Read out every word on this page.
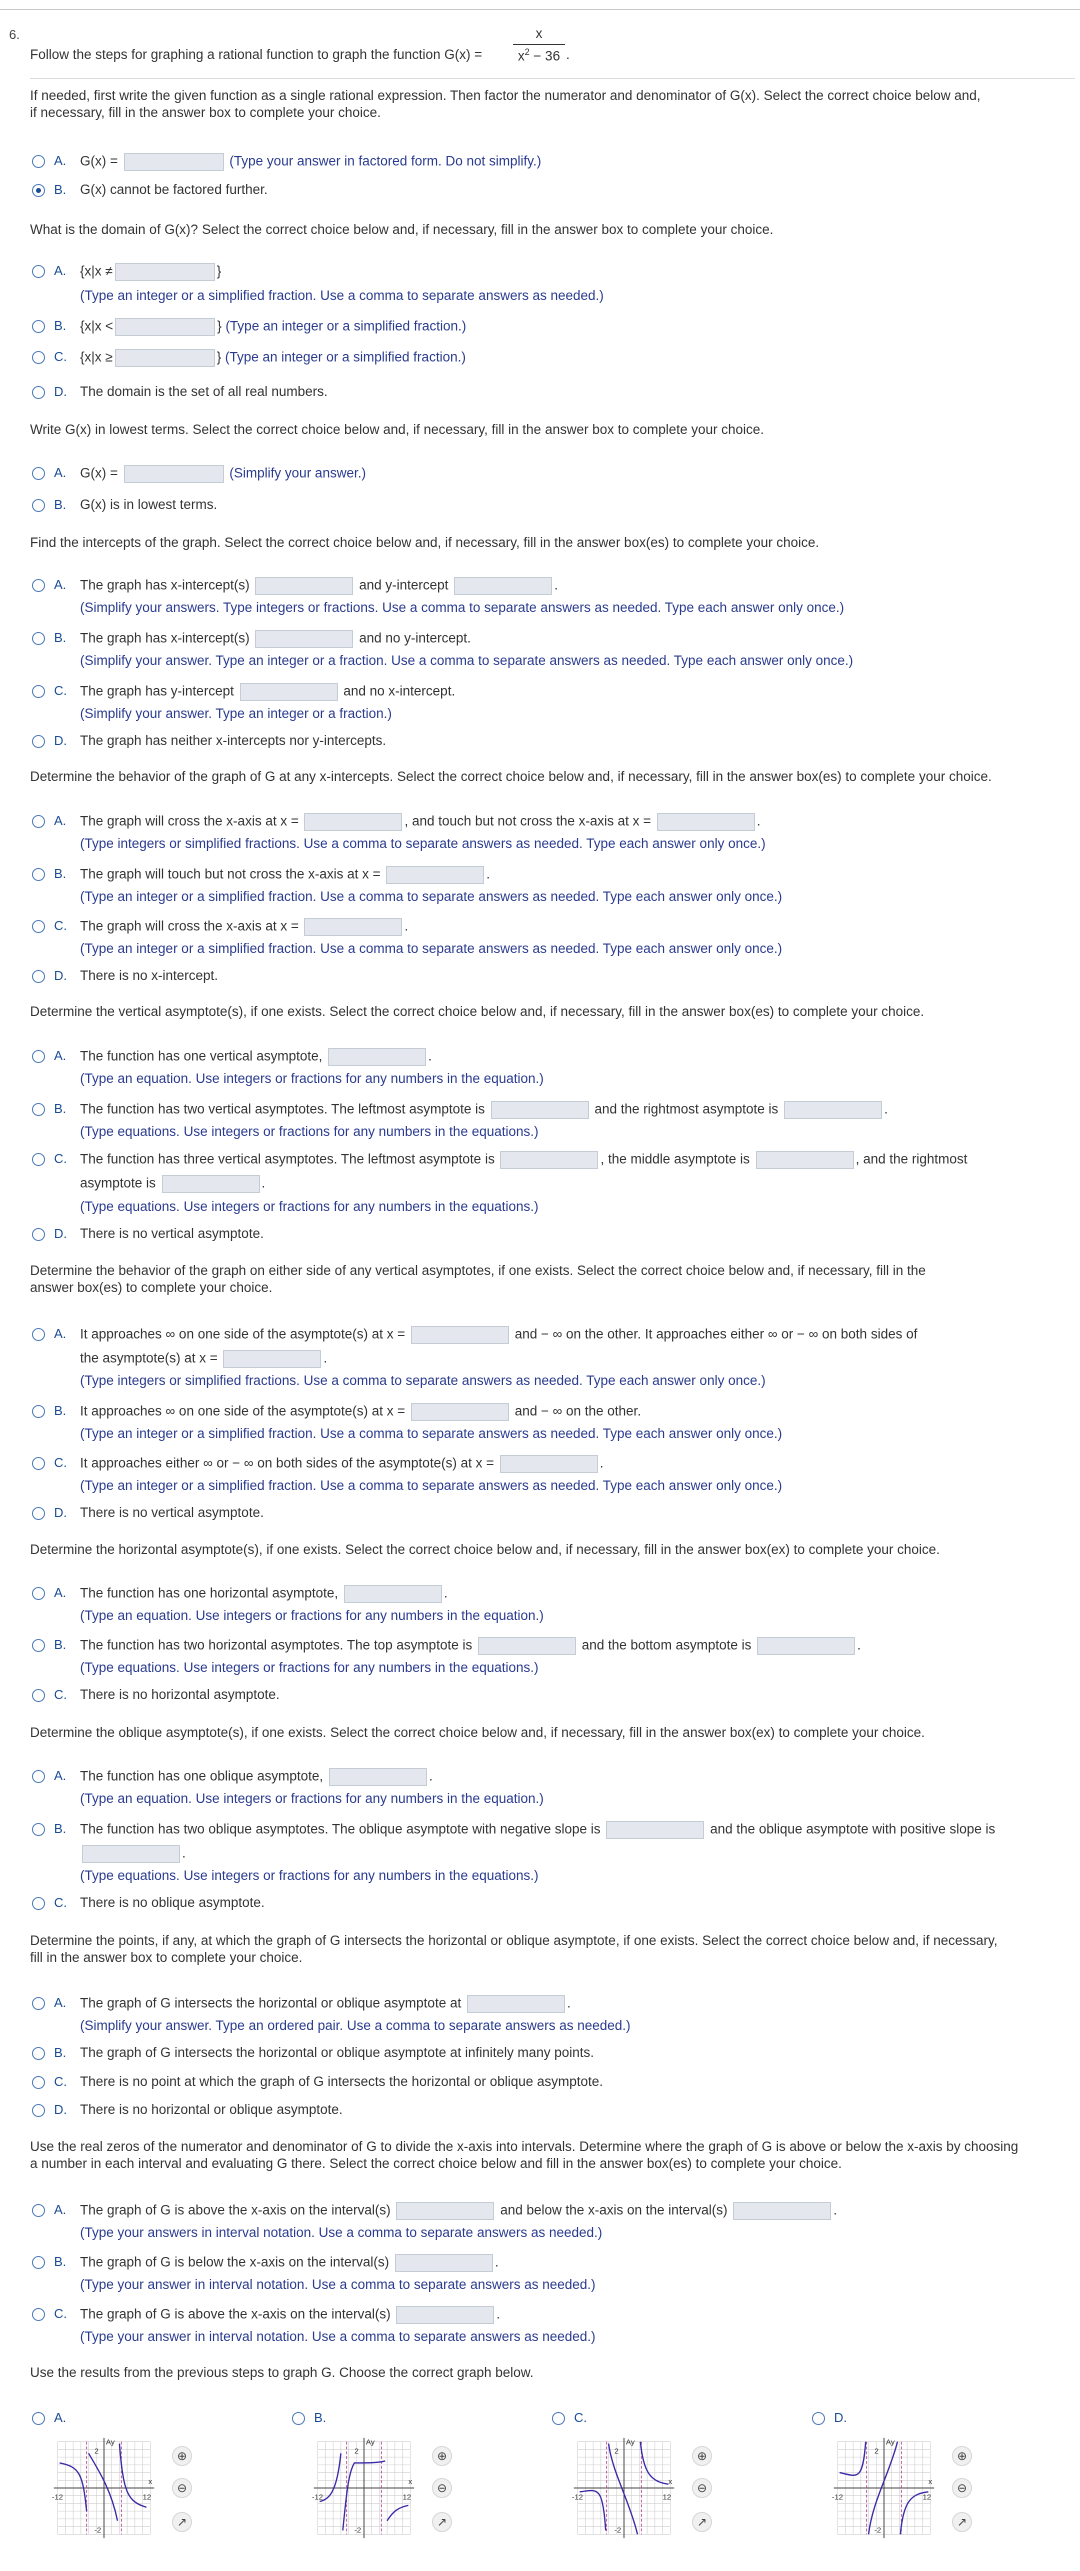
6.
Follow the steps for graphing a rational function to graph the function G(x) =
x
$x^2 - 36$ .
If needed, first write the given function as a single rational expression. Then factor the numerator and denominator of G(x). Select the correct choice below and,
if necessary, fill in the answer box to complete your choice.
A. G(x) =	(Type your answer in factored form. Do not simplify.)
B. G(x) cannot be factored further.
What is the domain of G(x)? Select the correct choice below and, if necessary, fill in the answer box to complete your choice.
A. {x|x ≠	}
(Type an integer or a simplified fraction. Use a comma to separate answers as needed.)
B. {x|x <	} (Type an integer or a simplified fraction.)
C. {x|x ≥	} (Type an integer or a simplified fraction.)
D. The domain is the set of all real numbers.
Write G(x) in lowest terms. Select the correct choice below and, if necessary, fill in the answer box to complete your choice.
A. G(x) =	(Simplify your answer.)
B. G(x) is in lowest terms.
Find the intercepts of the graph. Select the correct choice below and, if necessary, fill in the answer box(es) to complete your choice.
A. The graph has x-intercept(s)	and y-intercept	.
(Simplify your answers. Type integers or fractions. Use a comma to separate answers as needed. Type each answer only once.)
B. The graph has x-intercept(s)	and no y-intercept.
(Simplify your answer. Type an integer or a fraction. Use a comma to separate answers as needed. Type each answer only once.)
C. The graph has y-intercept	and no x-intercept.
(Simplify your answer. Type an integer or a fraction.)
D. The graph has neither x-intercepts nor y-intercepts.
Determine the behavior of the graph of G at any x-intercepts. Select the correct choice below and, if necessary, fill in the answer box(es) to complete your choice.
A. The graph will cross the x-axis at x =	, and touch but not cross the x-axis at x =	.
(Type integers or simplified fractions. Use a comma to separate answers as needed. Type each answer only once.)
B. The graph will touch but not cross the x-axis at x =	.
(Type an integer or a simplified fraction. Use a comma to separate answers as needed. Type each answer only once.)
C. The graph will cross the x-axis at x =	.
(Type an integer or a simplified fraction. Use a comma to separate answers as needed. Type each answer only once.)
D. There is no x-intercept.
Determine the vertical asymptote(s), if one exists. Select the correct choice below and, if necessary, fill in the answer box(es) to complete your choice.
A. The function has one vertical asymptote,	.
(Type an equation. Use integers or fractions for any numbers in the equation.)
B. The function has two vertical asymptotes. The leftmost asymptote is	and the rightmost asymptote is	.
(Type equations. Use integers or fractions for any numbers in the equations.)
C. The function has three vertical asymptotes. The leftmost asymptote is	, the middle asymptote is	, and the rightmost
asymptote is	.
(Type equations. Use integers or fractions for any numbers in the equations.)
D. There is no vertical asymptote.
Determine the behavior of the graph on either side of any vertical asymptotes, if one exists. Select the correct choice below and, if necessary, fill in the
answer box(es) to complete your choice.
A. It approaches ∞ on one side of the asymptote(s) at x =	and − ∞ on the other. It approaches either ∞ or − ∞ on both sides of
the asymptote(s) at x =	.
(Type integers or simplified fractions. Use a comma to separate answers as needed. Type each answer only once.)
B. It approaches ∞ on one side of the asymptote(s) at x =	and − ∞ on the other.
(Type an integer or a simplified fraction. Use a comma to separate answers as needed. Type each answer only once.)
C. It approaches either ∞ or − ∞ on both sides of the asymptote(s) at x =	.
(Type an integer or a simplified fraction. Use a comma to separate answers as needed. Type each answer only once.)
D. There is no vertical asymptote.
Determine the horizontal asymptote(s), if one exists. Select the correct choice below and, if necessary, fill in the answer box(ex) to complete your choice.
A. The function has one horizontal asymptote,	.
(Type an equation. Use integers or fractions for any numbers in the equation.)
B. The function has two horizontal asymptotes. The top asymptote is	and the bottom asymptote is	.
(Type equations. Use integers or fractions for any numbers in the equations.)
C. There is no horizontal asymptote.
Determine the oblique asymptote(s), if one exists. Select the correct choice below and, if necessary, fill in the answer box(ex) to complete your choice.
A. The function has one oblique asymptote,	.
(Type an equation. Use integers or fractions for any numbers in the equation.)
B. The function has two oblique asymptotes. The oblique asymptote with negative slope is	and the oblique asymptote with positive slope is
.
(Type equations. Use integers or fractions for any numbers in the equations.)
C. There is no oblique asymptote.
Determine the points, if any, at which the graph of G intersects the horizontal or oblique asymptote, if one exists. Select the correct choice below and, if necessary,
fill in the answer box to complete your choice.
A. The graph of G intersects the horizontal or oblique asymptote at	.
(Simplify your answer. Type an ordered pair. Use a comma to separate answers as needed.)
B. The graph of G intersects the horizontal or oblique asymptote at infinitely many points.
C. There is no point at which the graph of G intersects the horizontal or oblique asymptote.
D. There is no horizontal or oblique asymptote.
Use the real zeros of the numerator and denominator of G to divide the x-axis into intervals. Determine where the graph of G is above or below the x-axis by choosing
a number in each interval and evaluating G there. Select the correct choice below and fill in the answer box(es) to complete your choice.
A. The graph of G is above the x-axis on the interval(s)	and below the x-axis on the interval(s)	.
(Type your answers in interval notation. Use a comma to separate answers as needed.)
B. The graph of G is below the x-axis on the interval(s)	.
(Type your answer in interval notation. Use a comma to separate answers as needed.)
C. The graph of G is above the x-axis on the interval(s)	.
(Type your answer in interval notation. Use a comma to separate answers as needed.)
Use the results from the previous steps to graph G. Choose the correct graph below.
A.
Ay
2
-2
x
-12	12
⊕
⊖
↗
B.
Ay
2
-2
x
-12	12
⊕
⊖
↗
C.
Ay
2
-2
x
-12	12
⊕
⊖
↗
D.
Ay
2
-2
x
-12	12
⊕
⊖
↗
